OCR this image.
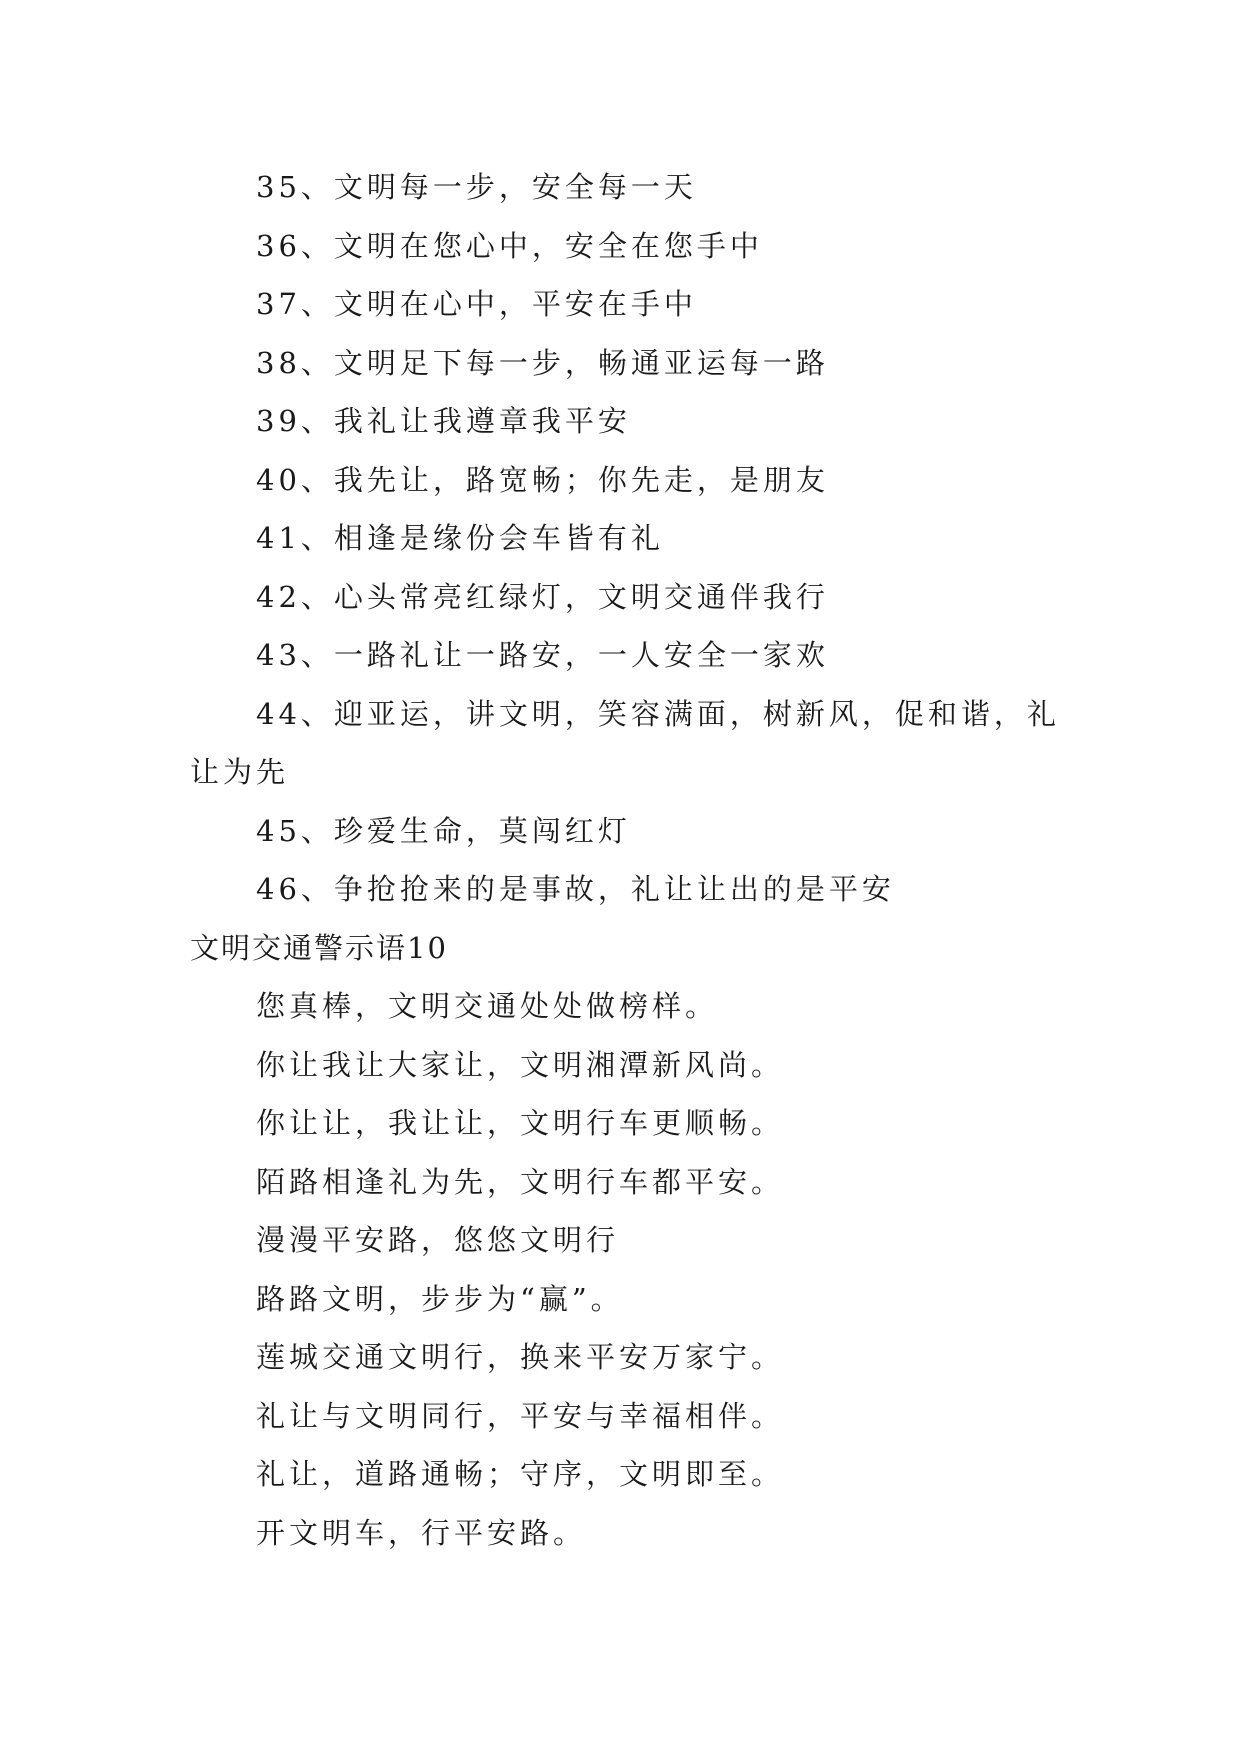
35、文明每一步，安全每一天
36、文明在您心中，安全在您手中
37、文明在心中，平安在手中
38、文明足下每一步，畅通亚运每一路
39、我礼让我遵章我平安
40、我先让，路宽畅；你先走，是朋友
41、相逢是缘份会车皆有礼
42、心头常亮红绿灯，文明交通伴我行
43、一路礼让一路安，一人安全一家欢
44、迎亚运，讲文明，笑容满面，树新风，促和谐，礼
让为先
45、珍爱生命，莫闯红灯
46、争抢抢来的是事故，礼让让出的是平安
文明交通警示语10
您真棒，文明交通处处做榜样。
你让我让大家让，文明湘潭新风尚。
你让让，我让让，文明行车更顺畅。
陌路相逢礼为先，文明行车都平安。
漫漫平安路，悠悠文明行
路路文明，步步为“赢”。
莲城交通文明行，换来平安万家宁。
礼让与文明同行，平安与幸福相伴。
礼让，道路通畅；守序，文明即至。
开文明车，行平安路。
